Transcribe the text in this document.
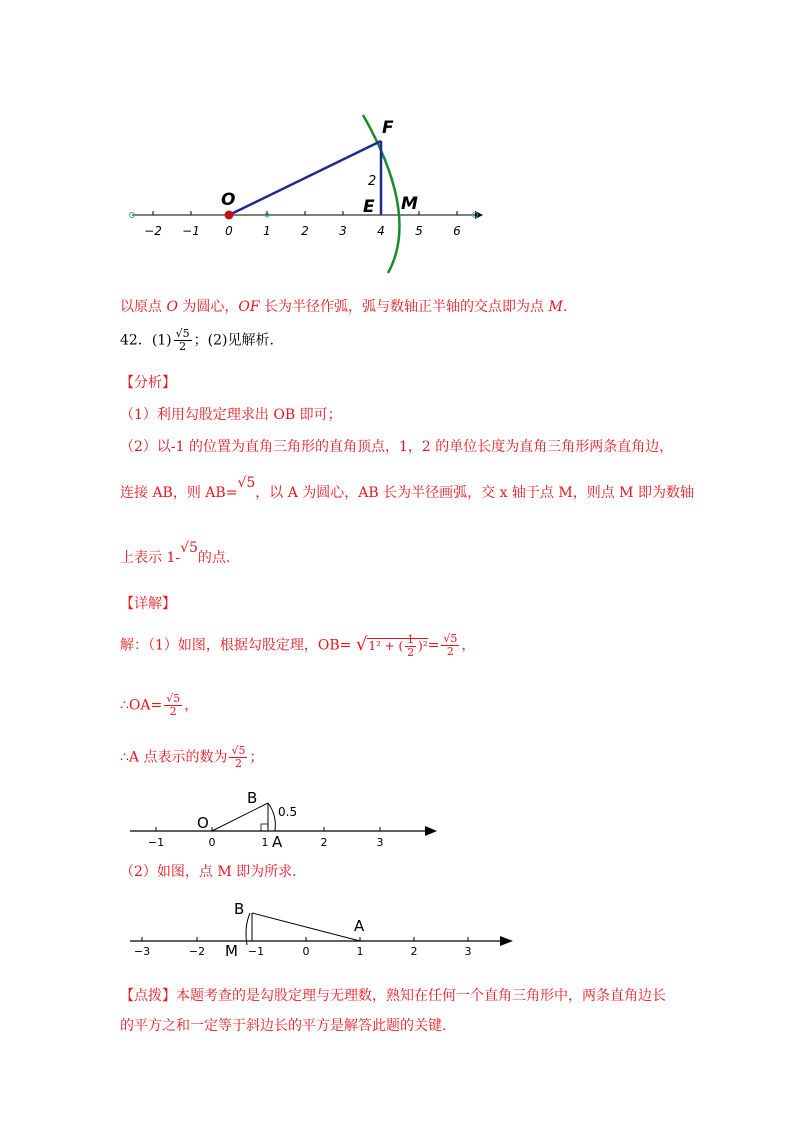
F
O	E M
2
−2 −1 0	1	2	3	4	5	6
以原点 O 为圆心，OF 长为半径作弧，弧与数轴正半轴的交点即为点 M.
42．$(1) \frac{√5}{2}$ ；(2)见解析.
【分析】
（1）利用勾股定理求出 OB 即可；
（2）以-1 的位置为直角三角形的直角顶点，1，2 的单位长度为直角三角形两条直角边，
连接 AB，则 AB=√5，以 A 为圆心，AB 长为半径画弧，交 x 轴于点 M，则点 M 即为数轴
上表示 1-√5的点.
【详解】
解：（1）如图，根据勾股定理，OB= √1² + ( $\frac{1}{2} )^2= \frac{√5}{2}$ ，
∴OA= $\frac{√5}{2}$ ，
∴A 点表示的数为 $\frac{√5}{2}$ ；
B
O
A
0.5
−1	0	1	2	3
（2）如图，点 M 即为所求.
B
A
M
−3	−2	−1	0	1	2	3
【点拨】本题考查的是勾股定理与无理数，熟知在任何一个直角三角形中，两条直角边长
的平方之和一定等于斜边长的平方是解答此题的关键.
